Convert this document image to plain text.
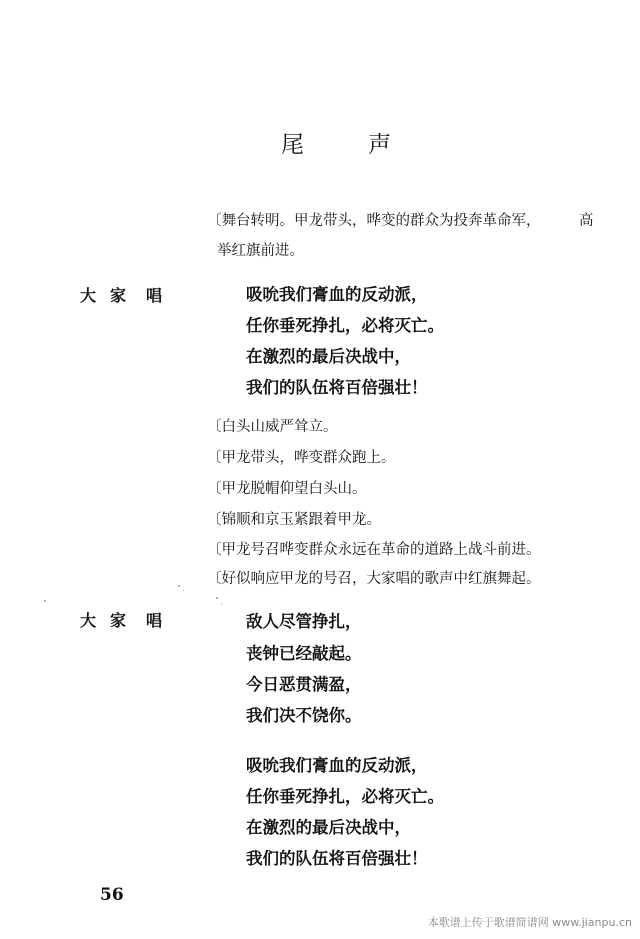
尾	声
〔舞台转明。甲龙带头，哗变的群众为投奔革命军，	高
举红旗前进。
大 家 唱	吸吮我们膏血的反动派，
任你垂死挣扎，必将灭亡。
在激烈的最后决战中，
我们的队伍将百倍强壮！
〔白头山威严耸立。
〔甲龙带头，哗变群众跑上。
〔甲龙脱帽仰望白头山。
〔锦顺和京玉紧跟着甲龙。
〔甲龙号召哗变群众永远在革命的道路上战斗前进。
〔好似响应甲龙的号召，大家唱的歌声中红旗舞起。
大 家 唱	敌人尽管挣扎，
丧钟已经敲起。
今日恶贯满盈，
我们决不饶你。
吸吮我们膏血的反动派，
任你垂死挣扎，必将灭亡。
在激烈的最后决战中，
我们的队伍将百倍强壮！
56
本歌谱上传于歌谱简谱网 www.jianpu.cn
